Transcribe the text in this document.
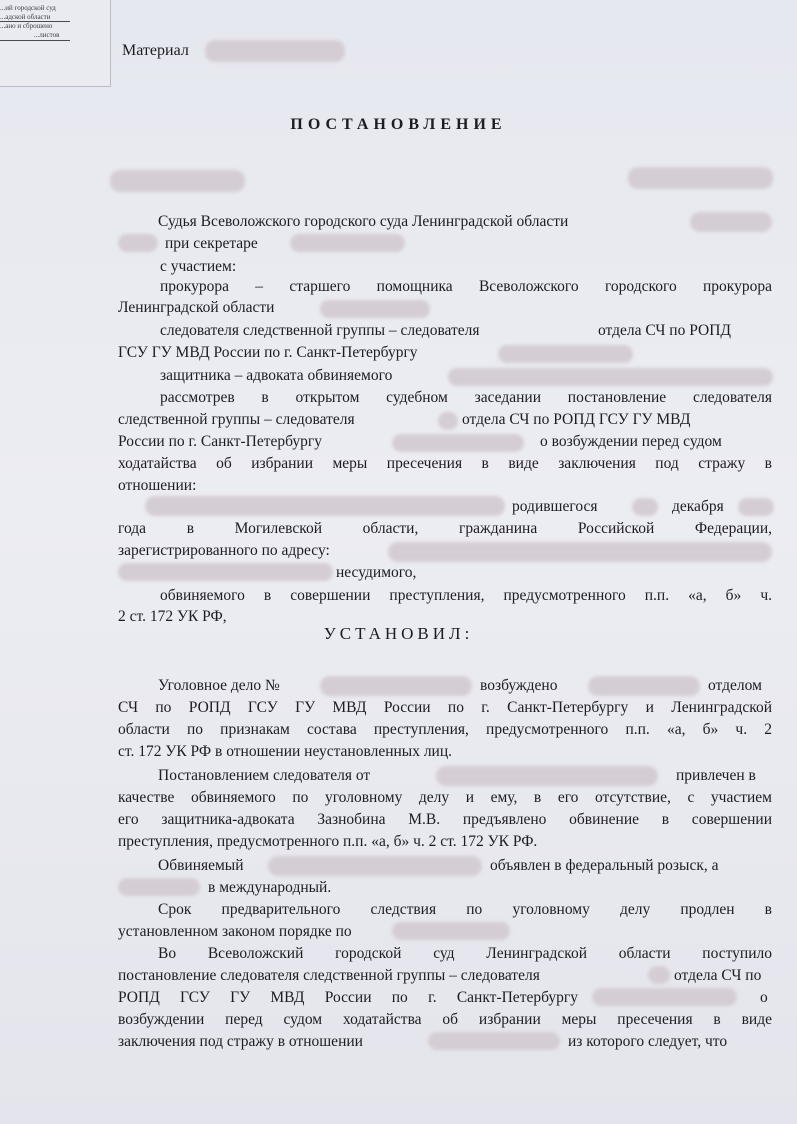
...ий городской суд
...адской области
...ано и сброшено
...листов
Материал
ПОСТАНОВЛЕНИЕ
Судья Всеволожского городского суда Ленинградской области
при секретаре
с участием:
прокурора – старшего помощника Всеволожского городского прокурора
Ленинградской области
следователя следственной группы – следователя	отдела СЧ по РОПД
ГСУ ГУ МВД России по г. Санкт-Петербургу
защитника – адвоката обвиняемого
рассмотрев в открытом судебном заседании постановление следователя
следственной группы – следователя	отдела СЧ по РОПД ГСУ ГУ МВД
России по г. Санкт-Петербургу	о возбуждении перед судом
ходатайства об избрании меры пресечения в виде заключения под стражу в
отношении:
родившегося	декабря
года в Могилевской области, гражданина Российской Федерации,
зарегистрированного по адресу:
несудимого,
обвиняемого в совершении преступления, предусмотренного п.п. «а, б» ч.
2 ст. 172 УК РФ,
УСТАНОВИЛ:
Уголовное дело №	возбуждено	отделом
СЧ по РОПД ГСУ ГУ МВД России по г. Санкт-Петербургу и Ленинградской
области по признакам состава преступления, предусмотренного п.п. «а, б» ч. 2
ст. 172 УК РФ в отношении неустановленных лиц.
Постановлением следователя от	привлечен в
качестве обвиняемого по уголовному делу и ему, в его отсутствие, с участием
его защитника-адвоката Зазнобина М.В. предъявлено обвинение в совершении
преступления, предусмотренного п.п. «а, б» ч. 2 ст. 172 УК РФ.
Обвиняемый	объявлен в федеральный розыск, а
в международный.
Срок предварительного следствия по уголовному делу продлен в
установленном законом порядке по
Во Всеволожский городской суд Ленинградской области поступило
постановление следователя следственной группы – следователя	отдела СЧ по
РОПД ГСУ ГУ МВД России по г. Санкт-Петербургу	о
возбуждении перед судом ходатайства об избрании меры пресечения в виде
заключения под стражу в отношении	из которого следует, что
